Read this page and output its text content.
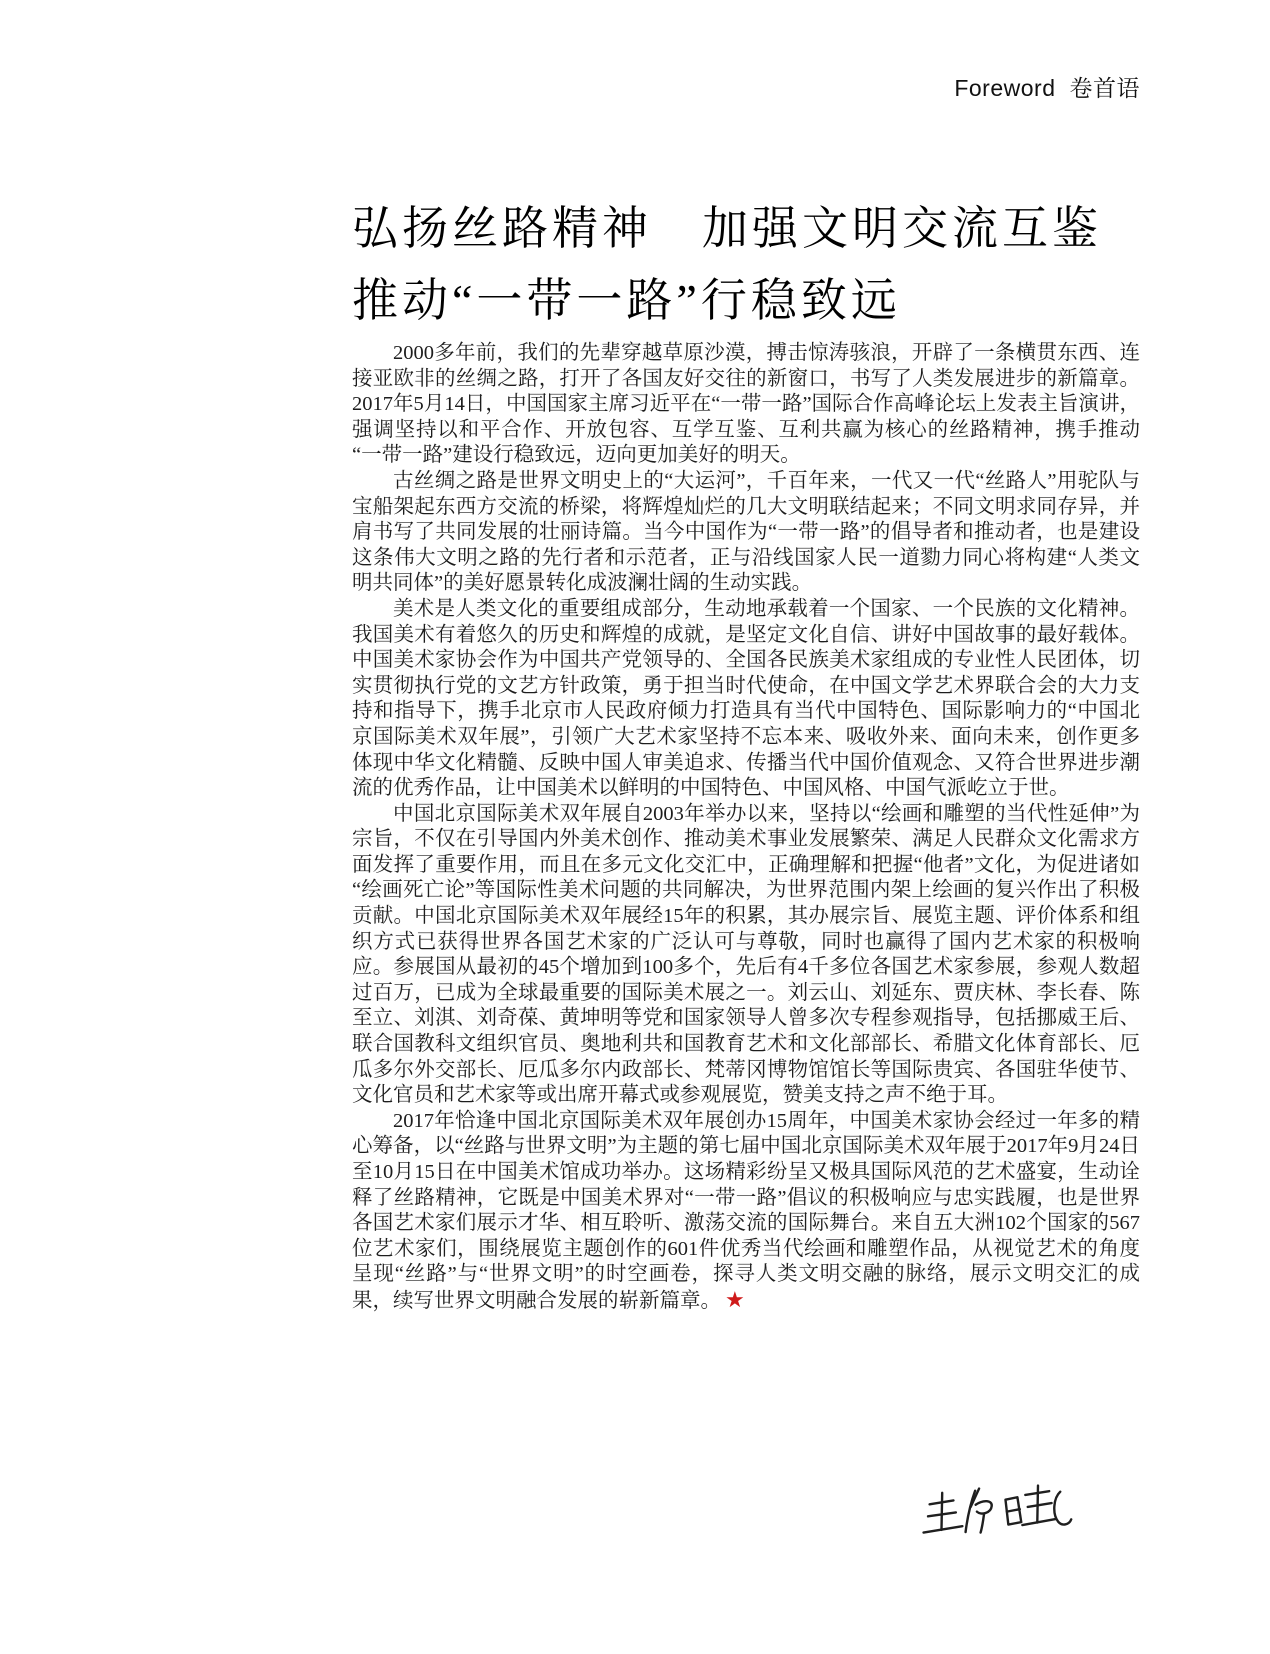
Foreword 卷首语
弘扬丝路精神　加强文明交流互鉴
推动“一带一路”行稳致远

2000多年前，我们的先辈穿越草原沙漠，搏击惊涛骇浪，开辟了一条横贯东西、连接亚欧非的丝绸之路，打开了各国友好交往的新窗口，书写了人类发展进步的新篇章。2017年5月14日，中国国家主席习近平在“一带一路”国际合作高峰论坛上发表主旨演讲，强调坚持以和平合作、开放包容、互学互鉴、互利共赢为核心的丝路精神，携手推动“一带一路”建设行稳致远，迈向更加美好的明天。

古丝绸之路是世界文明史上的“大运河”，千百年来，一代又一代“丝路人”用驼队与宝船架起东西方交流的桥梁，将辉煌灿烂的几大文明联结起来；不同文明求同存异，并肩书写了共同发展的壮丽诗篇。当今中国作为“一带一路”的倡导者和推动者，也是建设这条伟大文明之路的先行者和示范者，正与沿线国家人民一道勠力同心将构建“人类文明共同体”的美好愿景转化成波澜壮阔的生动实践。

美术是人类文化的重要组成部分，生动地承载着一个国家、一个民族的文化精神。我国美术有着悠久的历史和辉煌的成就，是坚定文化自信、讲好中国故事的最好载体。中国美术家协会作为中国共产党领导的、全国各民族美术家组成的专业性人民团体，切实贯彻执行党的文艺方针政策，勇于担当时代使命，在中国文学艺术界联合会的大力支持和指导下，携手北京市人民政府倾力打造具有当代中国特色、国际影响力的“中国北京国际美术双年展”，引领广大艺术家坚持不忘本来、吸收外来、面向未来，创作更多体现中华文化精髓、反映中国人审美追求、传播当代中国价值观念、又符合世界进步潮流的优秀作品，让中国美术以鲜明的中国特色、中国风格、中国气派屹立于世。

中国北京国际美术双年展自2003年举办以来，坚持以“绘画和雕塑的当代性延伸”为宗旨，不仅在引导国内外美术创作、推动美术事业发展繁荣、满足人民群众文化需求方面发挥了重要作用，而且在多元文化交汇中，正确理解和把握“他者”文化，为促进诸如“绘画死亡论”等国际性美术问题的共同解决，为世界范围内架上绘画的复兴作出了积极贡献。中国北京国际美术双年展经15年的积累，其办展宗旨、展览主题、评价体系和组织方式已获得世界各国艺术家的广泛认可与尊敬，同时也赢得了国内艺术家的积极响应。参展国从最初的45个增加到100多个，先后有4千多位各国艺术家参展，参观人数超过百万，已成为全球最重要的国际美术展之一。刘云山、刘延东、贾庆林、李长春、陈至立、刘淇、刘奇葆、黄坤明等党和国家领导人曾多次专程参观指导，包括挪威王后、联合国教科文组织官员、奥地利共和国教育艺术和文化部部长、希腊文化体育部长、厄瓜多尔外交部长、厄瓜多尔内政部长、梵蒂冈博物馆馆长等国际贵宾、各国驻华使节、文化官员和艺术家等或出席开幕式或参观展览，赞美支持之声不绝于耳。

2017年恰逢中国北京国际美术双年展创办15周年，中国美术家协会经过一年多的精心筹备，以“丝路与世界文明”为主题的第七届中国北京国际美术双年展于2017年9月24日至10月15日在中国美术馆成功举办。这场精彩纷呈又极具国际风范的艺术盛宴，生动诠释了丝路精神，它既是中国美术界对“一带一路”倡议的积极响应与忠实践履，也是世界各国艺术家们展示才华、相互聆听、激荡交流的国际舞台。来自五大洲102个国家的567位艺术家们，围绕展览主题创作的601件优秀当代绘画和雕塑作品，从视觉艺术的角度呈现“丝路”与“世界文明”的时空画卷，探寻人类文明交融的脉络，展示文明交汇的成果，续写世界文明融合发展的崭新篇章。 ★
